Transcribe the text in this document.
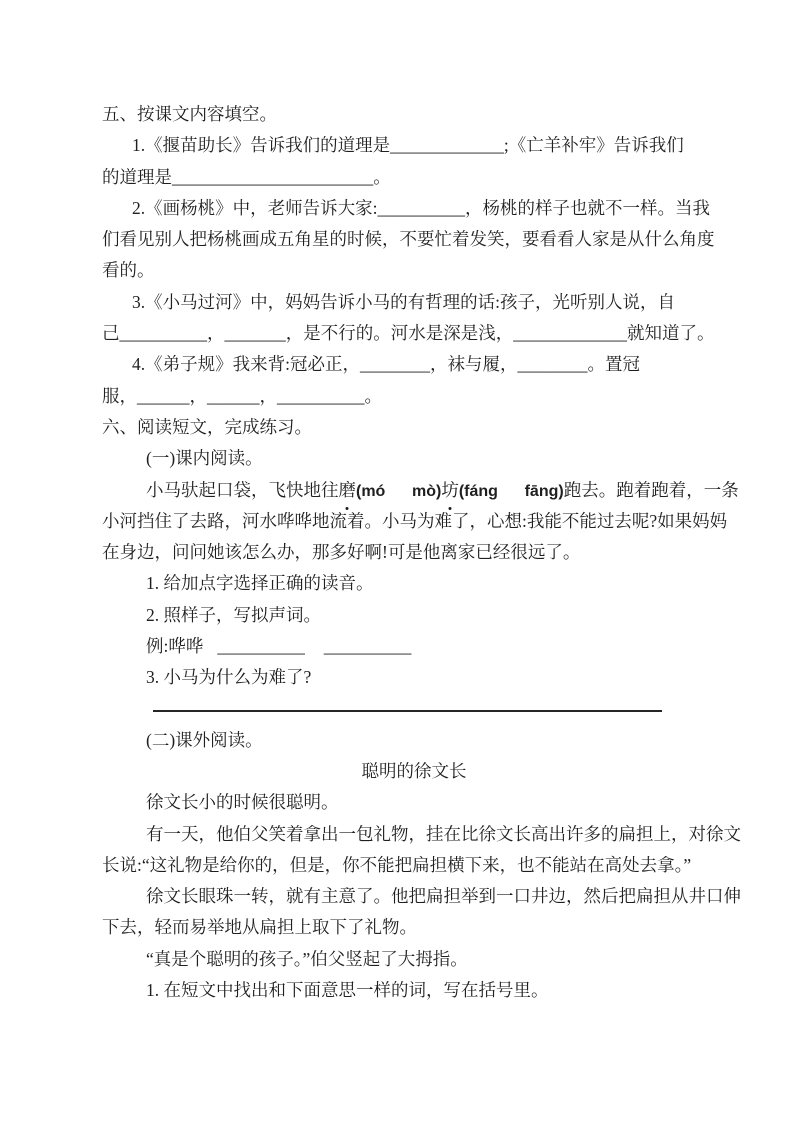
五、按课文内容填空。
1.《揠苗助长》告诉我们的道理是_____________;《亡羊补牢》告诉我们
的道理是_______________________。
2.《画杨桃》中，老师告诉大家:__________，杨桃的样子也就不一样。当我
们看见别人把杨桃画成五角星的时候，不要忙着发笑，要看看人家是从什么角度
看的。
3.《小马过河》中，妈妈告诉小马的有哲理的话:孩子，光听别人说，自
己__________，_______，是不行的。河水是深是浅，_____________就知道了。
4.《弟子规》我来背:冠必正，________，袜与履，________。置冠
服，______，______，__________。
六、阅读短文，完成练习。
(一)课内阅读。
小马驮起口袋，飞快地往磨(mó      mò)坊(fáng      fāng)跑去。跑着跑着，一条
小河挡住了去路，河水哗哗地流着。小马为难了，心想:我能不能过去呢?如果妈妈
在身边，问问她该怎么办，那多好啊!可是他离家已经很远了。
1. 给加点字选择正确的读音。
2. 照样子，写拟声词。
例:哗哗 __________ __________
3. 小马为什么为难了?
(二)课外阅读。
聪明的徐文长
徐文长小的时候很聪明。
有一天，他伯父笑着拿出一包礼物，挂在比徐文长高出许多的扁担上，对徐文
长说:“这礼物是给你的，但是，你不能把扁担横下来，也不能站在高处去拿。”
徐文长眼珠一转，就有主意了。他把扁担举到一口井边，然后把扁担从井口伸
下去，轻而易举地从扁担上取下了礼物。
“真是个聪明的孩子。”伯父竖起了大拇指。
1. 在短文中找出和下面意思一样的词，写在括号里。
